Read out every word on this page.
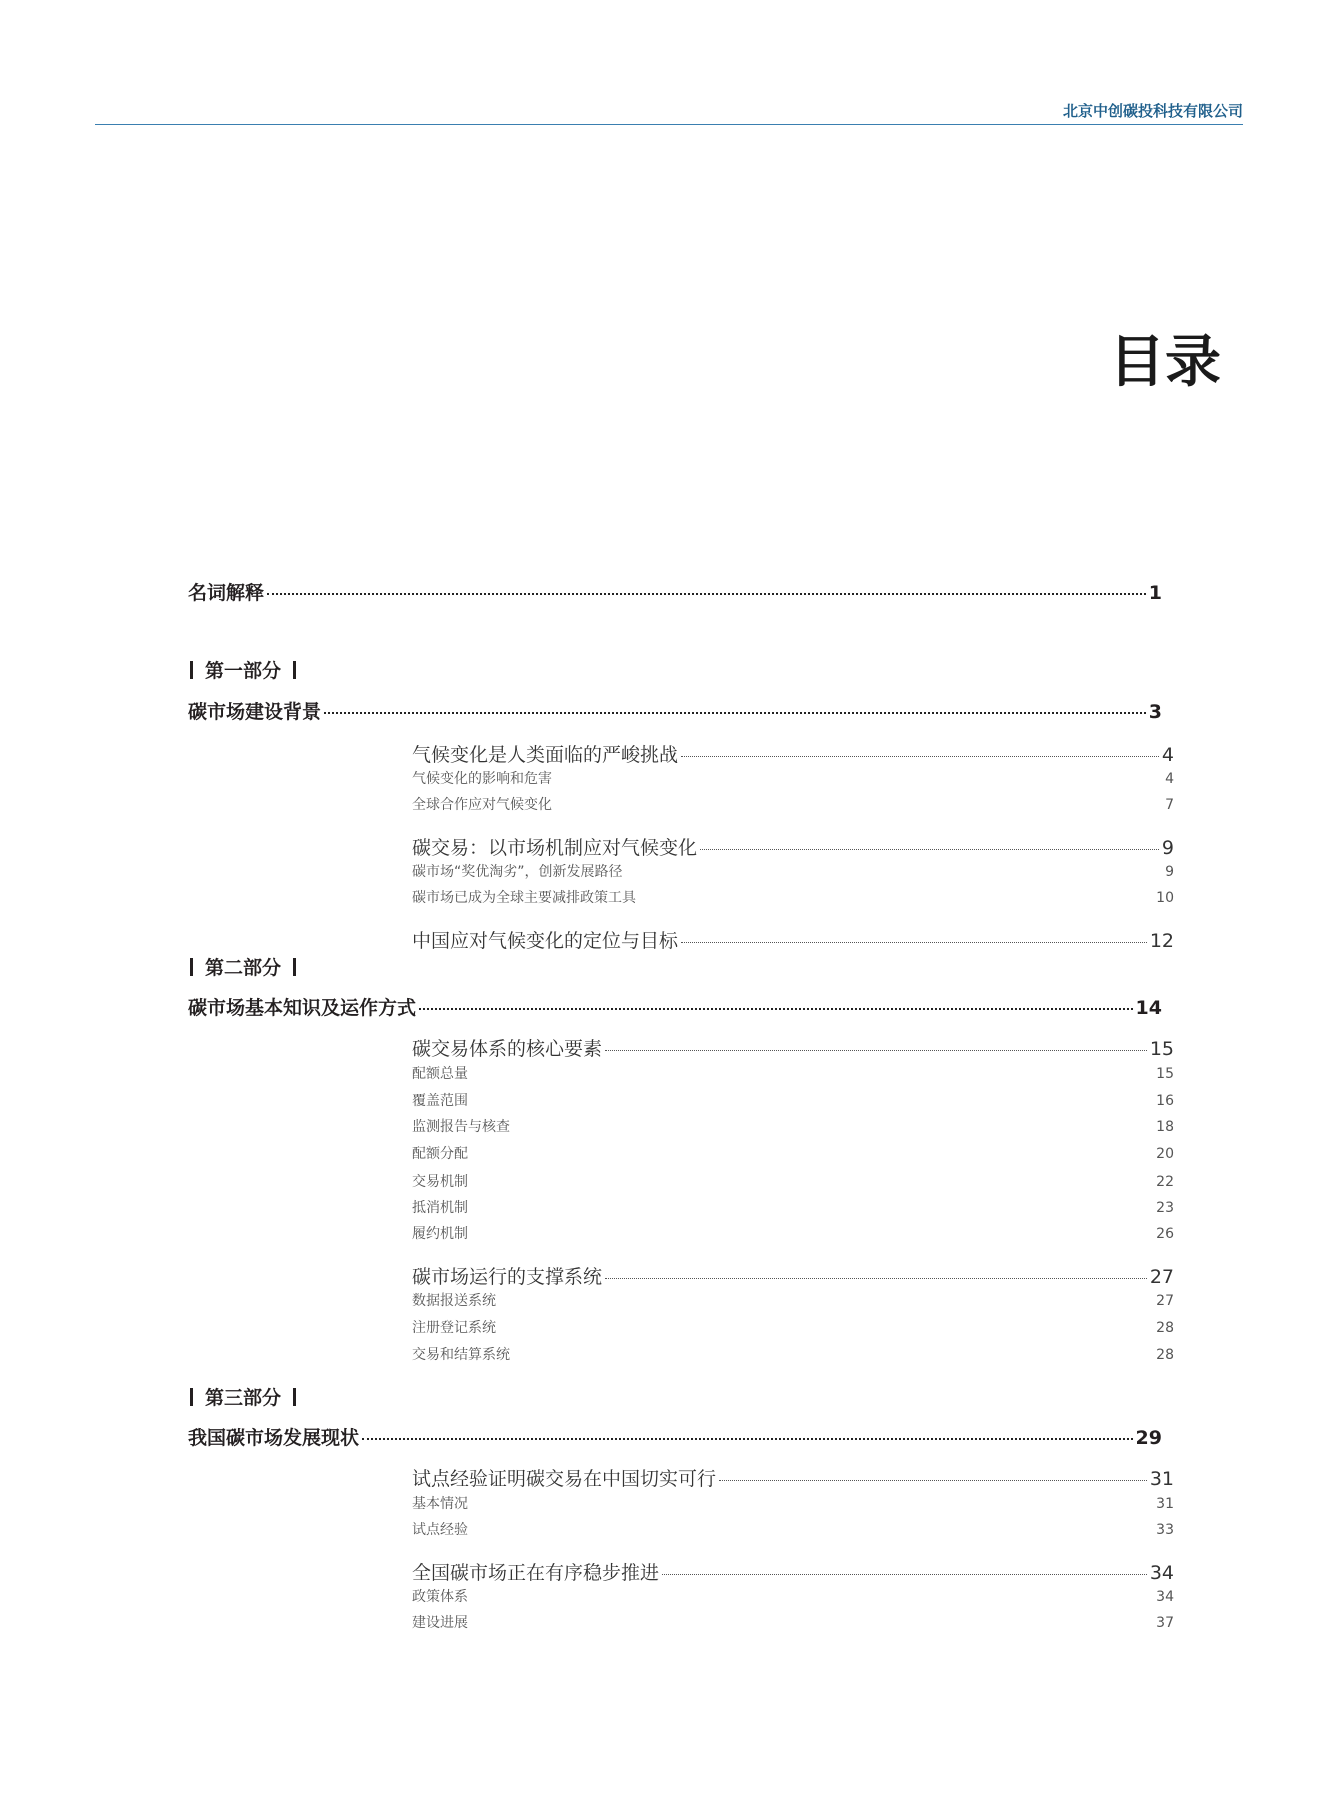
北京中创碳投科技有限公司
目录
名词解释	1
第一部分
碳市场建设背景	3
气候变化是人类面临的严峻挑战	4
气候变化的影响和危害	4
全球合作应对气候变化	7
碳交易：以市场机制应对气候变化	9
碳市场“奖优淘劣”，创新发展路径	9
碳市场已成为全球主要减排政策工具	10
中国应对气候变化的定位与目标	12
第二部分
碳市场基本知识及运作方式	14
碳交易体系的核心要素	15
配额总量	15
覆盖范围	16
监测报告与核查	18
配额分配	20
交易机制	22
抵消机制	23
履约机制	26
碳市场运行的支撑系统	27
数据报送系统	27
注册登记系统	28
交易和结算系统	28
第三部分
我国碳市场发展现状	29
试点经验证明碳交易在中国切实可行	31
基本情况	31
试点经验	33
全国碳市场正在有序稳步推进	34
政策体系	34
建设进展	37
